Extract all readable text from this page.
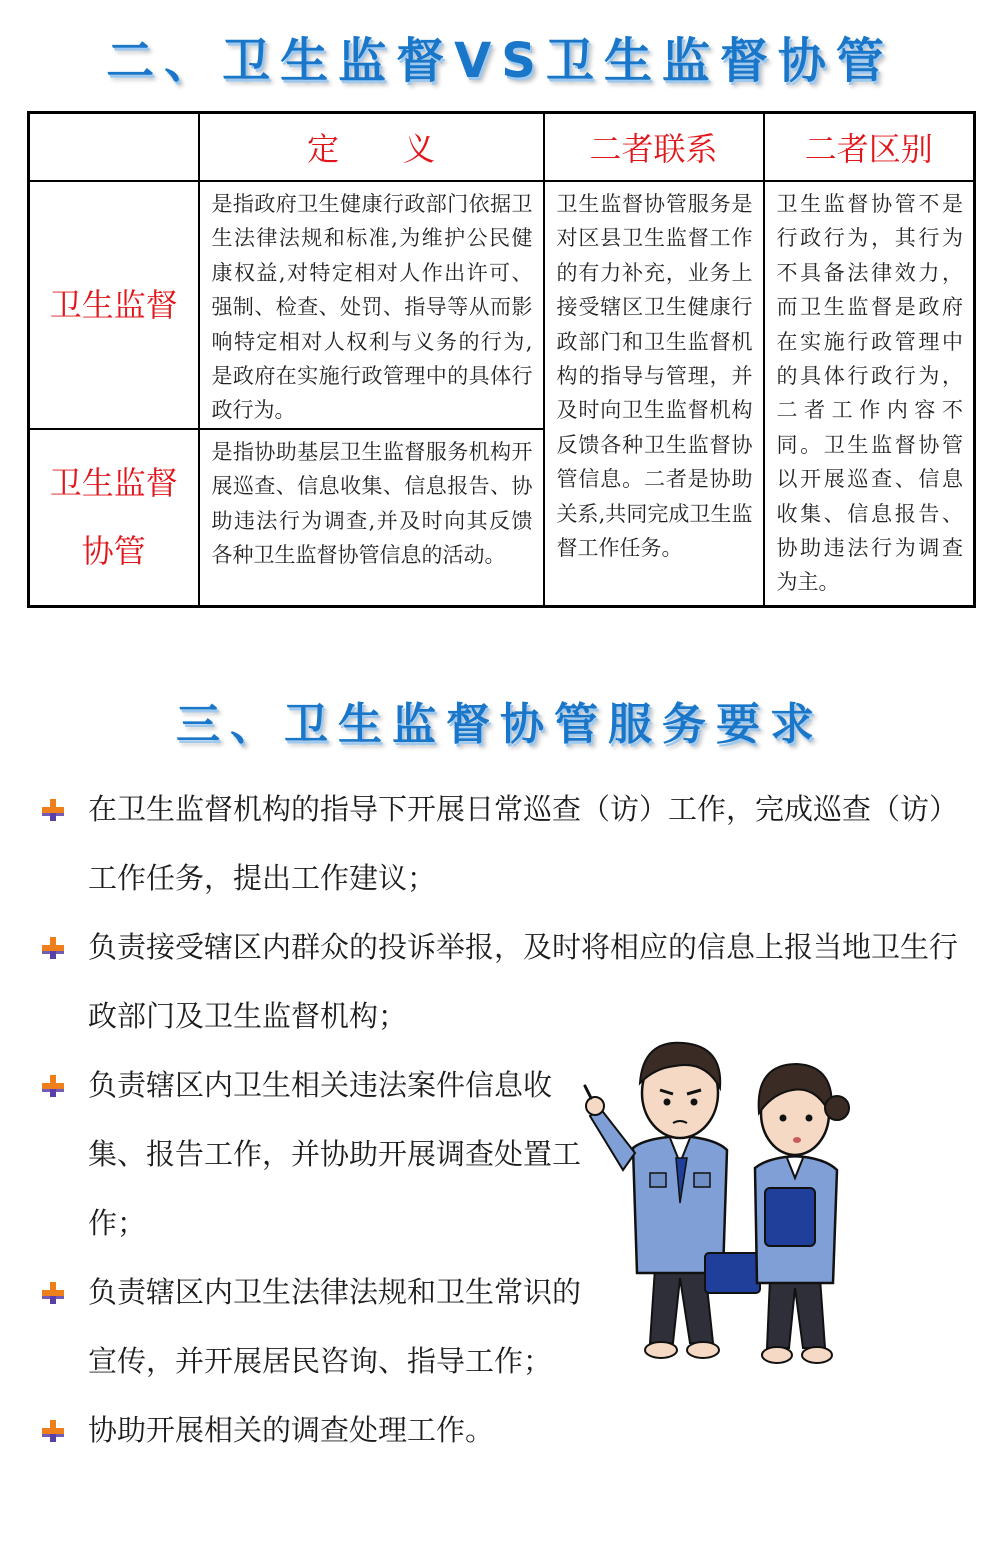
二、卫生监督VS卫生监督协管
	定　　义	二者联系	二者区别
卫生监督	是指政府卫生健康行政部门依据卫生法律法规和标准,为维护公民健康权益,对特定相对人作出许可、强制、检查、处罚、指导等从而影响特定相对人权利与义务的行为,是政府在实施行政管理中的具体行政行为。	卫生监督协管服务是对区县卫生监督工作的有力补充，业务上接受辖区卫生健康行政部门和卫生监督机构的指导与管理，并及时向卫生监督机构反馈各种卫生监督协管信息。二者是协助关系,共同完成卫生监督工作任务。	卫生监督协管不是行政行为，其行为不具备法律效力，而卫生监督是政府在实施行政管理中的具体行政行为，二者工作内容不同。卫生监督协管以开展巡查、信息收集、信息报告、协助违法行为调查为主。

卫生监督
协管	是指协助基层卫生监督服务机构开展巡查、信息收集、信息报告、协助违法行为调查,并及时向其反馈各种卫生监督协管信息的活动。		
三、卫生监督协管服务要求
在卫生监督机构的指导下开展日常巡查（访）工作，完成巡查（访）工作任务，提出工作建议；
负责接受辖区内群众的投诉举报，及时将相应的信息上报当地卫生行政部门及卫生监督机构；
负责辖区内卫生相关违法案件信息收集、报告工作，并协助开展调查处置工作；
负责辖区内卫生法律法规和卫生常识的宣传，并开展居民咨询、指导工作；
协助开展相关的调查处理工作。
